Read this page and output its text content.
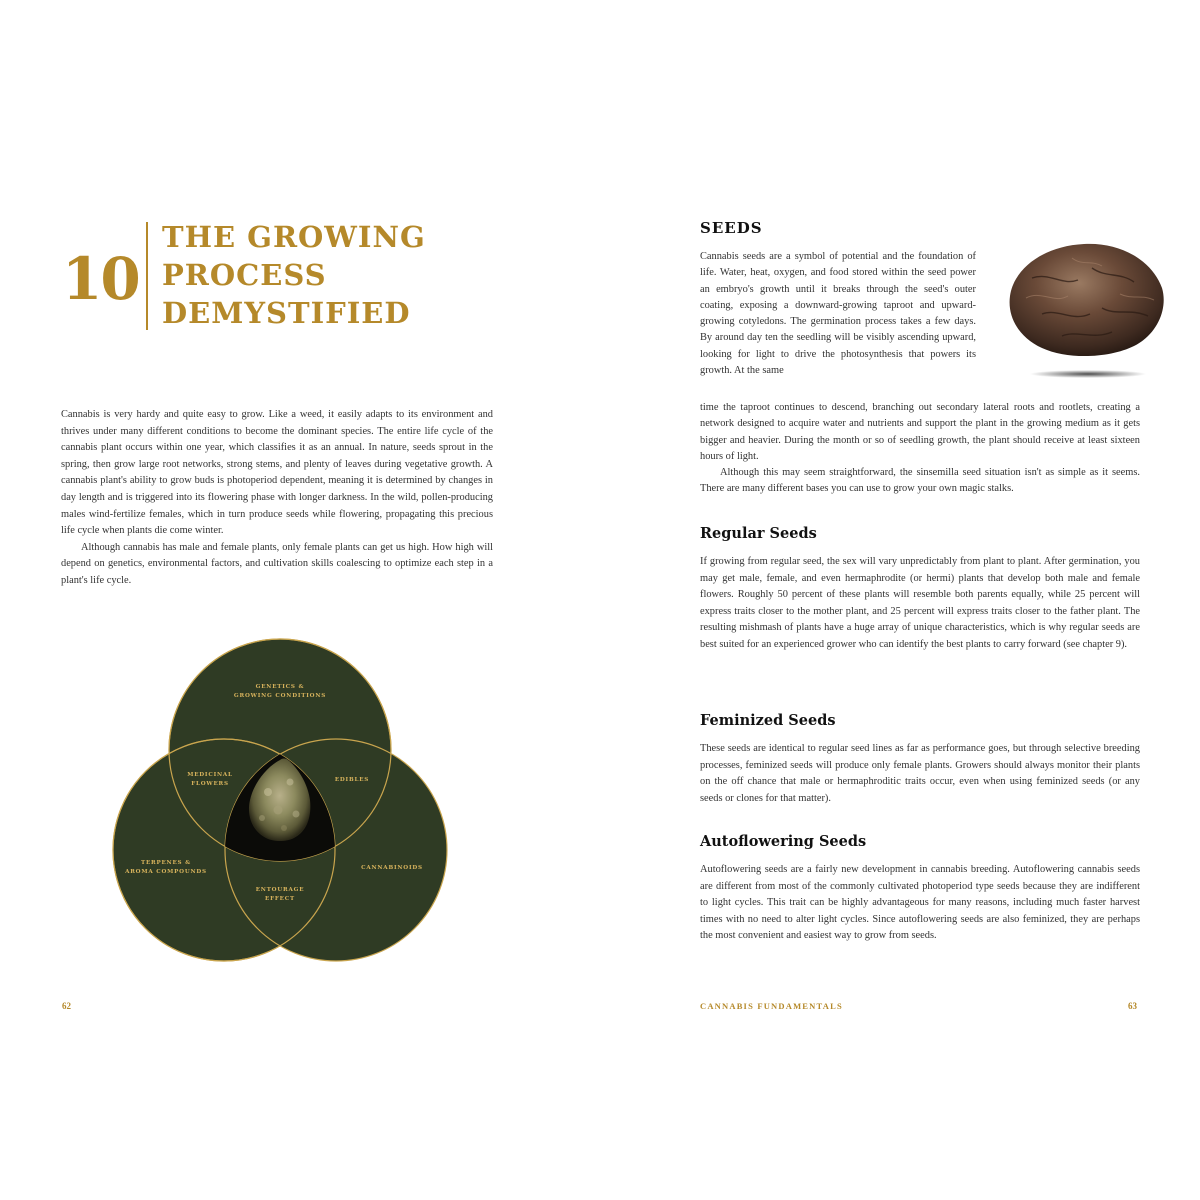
10
THE GROWING
PROCESS
DEMYSTIFIED

Cannabis is very hardy and quite easy to grow. Like a weed, it easily adapts to its environment and thrives under many different conditions to become the dominant species. The entire life cycle of the cannabis plant occurs within one year, which classifies it as an annual. In nature, seeds sprout in the spring, then grow large root networks, strong stems, and plenty of leaves during vegetative growth. A cannabis plant's ability to grow buds is photoperiod dependent, meaning it is determined by changes in day length and is triggered into its flowering phase with longer darkness. In the wild, pollen-producing males wind-fertilize females, which in turn produce seeds while flowering, propagating this precious life cycle when plants die come winter.

Although cannabis has male and female plants, only female plants can get us high. How high will depend on genetics, environmental factors, and cultivation skills coalescing to optimize each step in a plant's life cycle.

GENETICS &
GROWING CONDITIONS
TERPENES &
AROMA COMPOUNDS
CANNABINOIDS
MEDICINAL
FLOWERS
EDIBLES
ENTOURAGE
EFFECT
62
SEEDS
Cannabis seeds are a symbol of potential and the foundation of life. Water, heat, oxygen, and food stored within the seed power an embryo's growth until it breaks through the seed's outer coating, exposing a downward-growing taproot and upward-growing cotyledons. The germination process takes a few days. By around day ten the seedling will be visibly ascending upward, looking for light to drive the photosynthesis that powers its growth. At the same

time the taproot continues to descend, branching out secondary lateral roots and rootlets, creating a network designed to acquire water and nutrients and support the plant in the growing medium as it gets bigger and heavier. During the month or so of seedling growth, the plant should receive at least sixteen hours of light.

Although this may seem straightforward, the sinsemilla seed situation isn't as simple as it seems. There are many different bases you can use to grow your own magic stalks.

Regular Seeds
If growing from regular seed, the sex will vary unpredictably from plant to plant. After germination, you may get male, female, and even hermaphrodite (or hermi) plants that develop both male and female flowers. Roughly 50 percent of these plants will resemble both parents equally, while 25 percent will express traits closer to the mother plant, and 25 percent will express traits closer to the father plant. The resulting mishmash of plants have a huge array of unique characteristics, which is why regular seeds are best suited for an experienced grower who can identify the best plants to carry forward (see chapter 9).
Feminized Seeds
These seeds are identical to regular seed lines as far as performance goes, but through selective breeding processes, feminized seeds will produce only female plants. Growers should always monitor their plants on the off chance that male or hermaphroditic traits occur, even when using feminized seeds (or any seeds or clones for that matter).
Autoflowering Seeds
Autoflowering seeds are a fairly new development in cannabis breeding. Autoflowering cannabis seeds are different from most of the commonly cultivated photoperiod type seeds because they are indifferent to light cycles. This trait can be highly advantageous for many reasons, including much faster harvest times with no need to alter light cycles. Since autoflowering seeds are also feminized, they are perhaps the most convenient and easiest way to grow from seeds.
CANNABIS FUNDAMENTALS	63
